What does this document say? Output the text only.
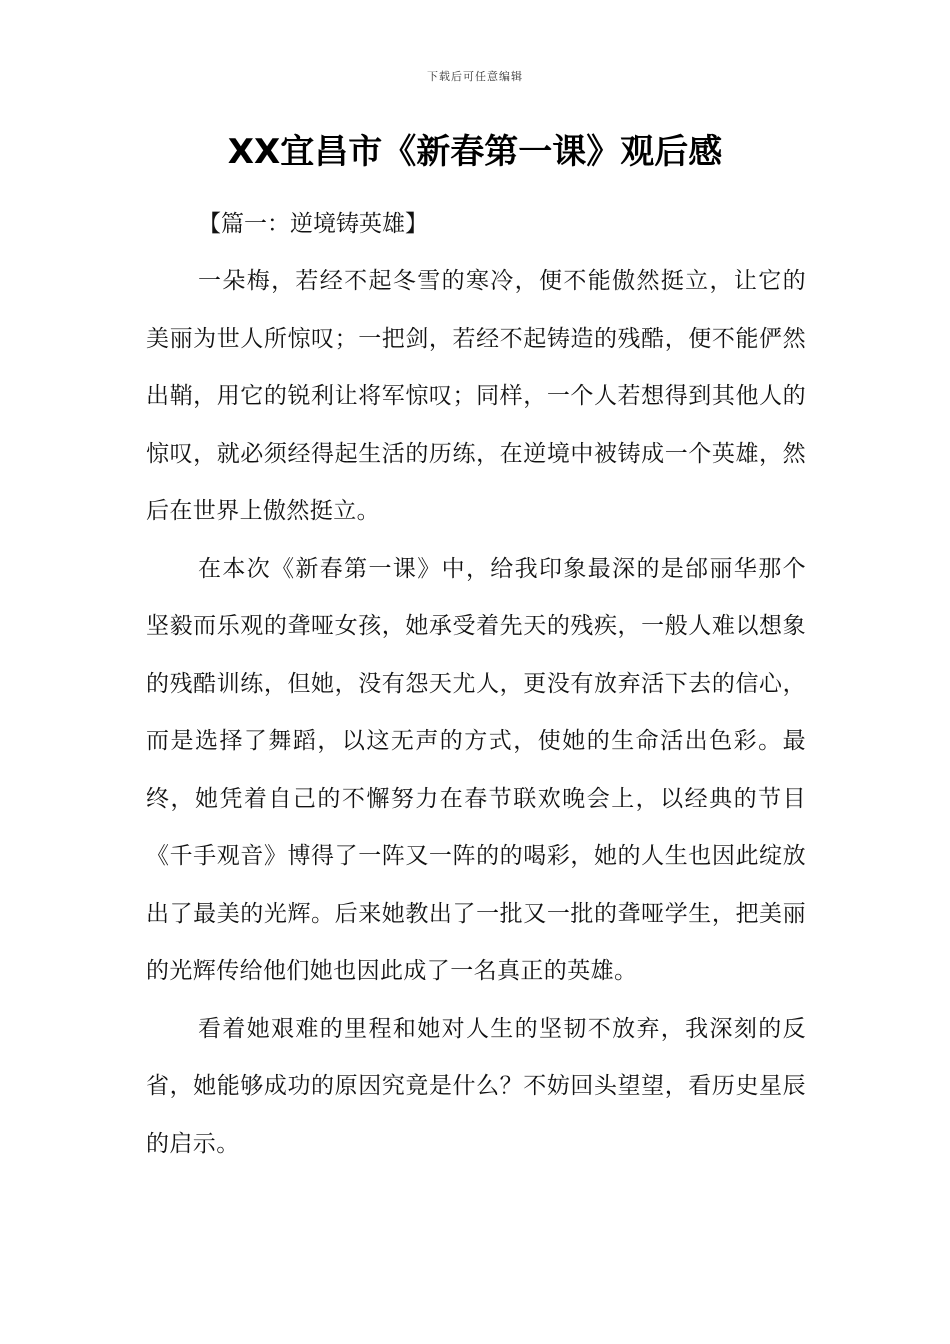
下载后可任意编辑
XX宜昌市《新春第一课》观后感

【篇一：逆境铸英雄】

一朵梅，若经不起冬雪的寒冷，便不能傲然挺立，让它的美丽为世人所惊叹；一把剑，若经不起铸造的残酷，便不能俨然出鞘，用它的锐利让将军惊叹；同样，一个人若想得到其他人的惊叹，就必须经得起生活的历练，在逆境中被铸成一个英雄，然后在世界上傲然挺立。

在本次《新春第一课》中，给我印象最深的是邰丽华那个坚毅而乐观的聋哑女孩，她承受着先天的残疾，一般人难以想象的残酷训练，但她，没有怨天尤人，更没有放弃活下去的信心，而是选择了舞蹈，以这无声的方式，使她的生命活出色彩。最终，她凭着自己的不懈努力在春节联欢晚会上，以经典的节目《千手观音》博得了一阵又一阵的的喝彩，她的人生也因此绽放出了最美的光辉。后来她教出了一批又一批的聋哑学生，把美丽的光辉传给他们她也因此成了一名真正的英雄。

看着她艰难的里程和她对人生的坚韧不放弃，我深刻的反省，她能够成功的原因究竟是什么？不妨回头望望，看历史星辰的启示。
